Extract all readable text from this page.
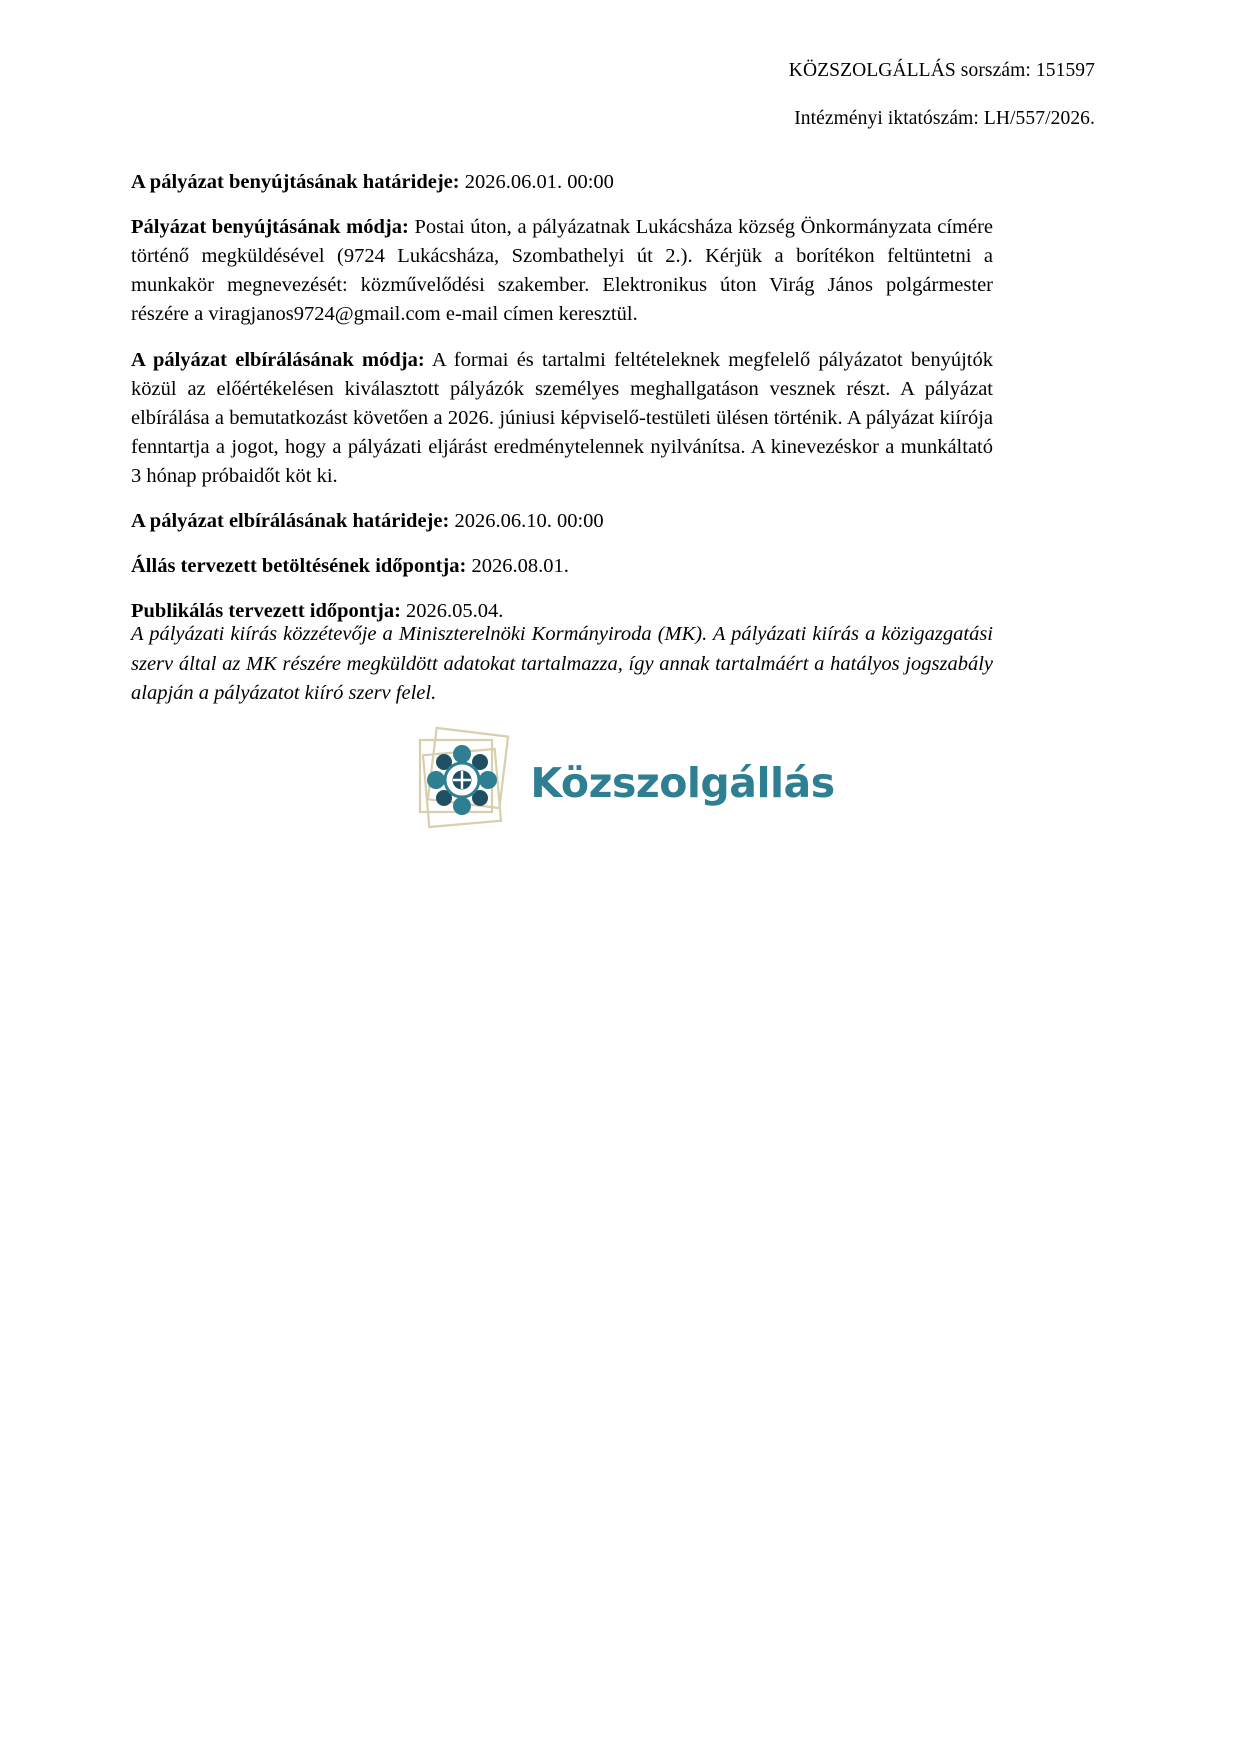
KÖZSZOLGÁLLÁS sorszám: 151597
Intézményi iktatószám: LH/557/2026.

A pályázat benyújtásának határideje: 2026.06.01. 00:00

Pályázat benyújtásának módja: Postai úton, a pályázatnak Lukácsháza község Önkormányzata címére történő megküldésével (9724 Lukácsháza, Szombathelyi út 2.). Kérjük a borítékon feltüntetni a munkakör megnevezését: közművelődési szakember. Elektronikus úton Virág János polgármester részére a viragjanos9724@gmail.com e-mail címen keresztül.

A pályázat elbírálásának módja: A formai és tartalmi feltételeknek megfelelő pályázatot benyújtók közül az előértékelésen kiválasztott pályázók személyes meghallgatáson vesznek részt. A pályázat elbírálása a bemutatkozást követően a 2026. júniusi képviselő-testületi ülésen történik. A pályázat kiírója fenntartja a jogot, hogy a pályázati eljárást eredménytelennek nyilvánítsa. A kinevezéskor a munkáltató 3 hónap próbaidőt köt ki.

A pályázat elbírálásának határideje: 2026.06.10. 00:00

Állás tervezett betöltésének időpontja: 2026.08.01.

Publikálás tervezett időpontja: 2026.05.04.

A pályázati kiírás közzétevője a Miniszterelnöki Kormányiroda (MK). A pályázati kiírás a közigazgatási szerv által az MK részére megküldött adatokat tartalmazza, így annak tartalmáért a hatályos jogszabály alapján a pályázatot kiíró szerv felel.
Közszolgállás
